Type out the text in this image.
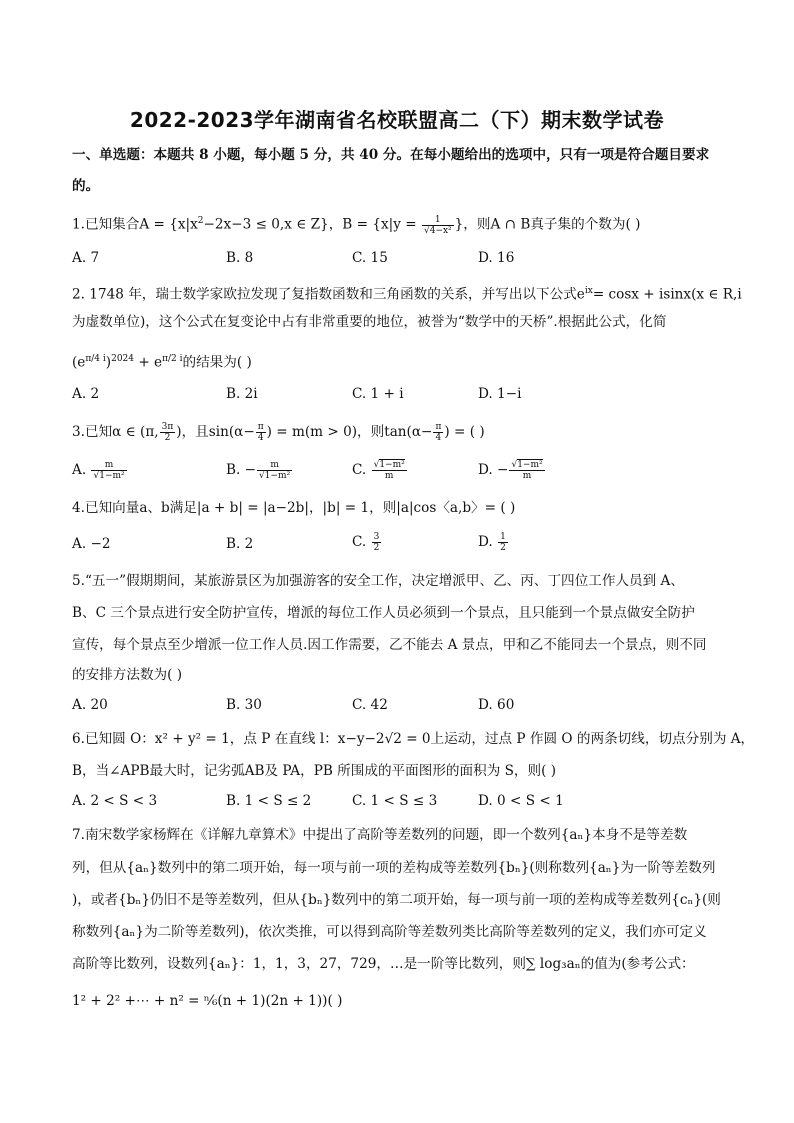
2022-2023学年湖南省名校联盟高二（下）期末数学试卷
一、单选题：本题共 8 小题，每小题 5 分，共 40 分。在每小题给出的选项中，只有一项是符合题目要求
的。
1.已知集合$A = \{x|x^2-2x-3 \le 0,x$ ∈ Z}，$B = \{x|y = \frac{1}{\text{√4−x²}}$ }，则A ∩ B真子集的个数为( )
A. 7	B. 8	C. 15	D. 16
2. 1748 年，瑞士数学家欧拉发现了复指数函数和三角函数的关系，并写出以下公式$e^{ix}= \cos x + isinx(x$ ∈ R,i
为虚数单位)，这个公式在复变论中占有非常重要的地位，被誉为“数学中的天桥”.根据此公式，化简
$(e^{\pi/4 i})^{2024} + e^{\pi/2 i}$的结果为( )
A. 2	B. 2i	C. 1 + i	D. 1−i
3.已知α ∈ (π, $\frac{3\pi}{2}$ )，且$\sin(\alpha- \frac{\pi}{4}$ ) = m(m > 0)，则$\tan(\alpha- \frac{\pi}{4}$ ) = ( )
A. $\frac{m}{\text{√1−m²}}$	B. − $\frac{m}{\text{√1−m²}}$	C. $\frac{\text{√1−m²}}{m}$	D. − $\frac{\text{√1−m²}}{m}$
4.已知向量a、b满足|a + b| = |a−2b|，|b| = 1，则|a|cos〈a,b〉= ( )
A. −2	B. 2	C. $\frac{3}{2}$	D. $\frac{1}{2}$
5.“五一”假期期间，某旅游景区为加强游客的安全工作，决定增派甲、乙、丙、丁四位工作人员到 A、
B、C 三个景点进行安全防护宣传，增派的每位工作人员必须到一个景点，且只能到一个景点做安全防护
宣传，每个景点至少增派一位工作人员.因工作需要，乙不能去 A 景点，甲和乙不能同去一个景点，则不同
的安排方法数为( )
A. 20	B. 30	C. 42	D. 60
6.已知圆 O：x² + y² = 1，点 P 在直线 l：x−y−2√2 = 0上运动，过点 P 作圆 O 的两条切线，切点分别为 A，
B，当∠APB最大时，记劣弧AB及 PA，PB 所围成的平面图形的面积为 S，则( )
A. 2 < S < 3	B. 1 < S ≤ 2	C. 1 < S ≤ 3	D. 0 < S < 1
7.南宋数学家杨辉在《详解九章算术》中提出了高阶等差数列的问题，即一个数列{aₙ}本身不是等差数
列，但从{aₙ}数列中的第二项开始，每一项与前一项的差构成等差数列{bₙ}(则称数列{aₙ}为一阶等差数列
)，或者{bₙ}仍旧不是等差数列，但从{bₙ}数列中的第二项开始，每一项与前一项的差构成等差数列{cₙ}(则
称数列{aₙ}为二阶等差数列)，依次类推，可以得到高阶等差数列类比高阶等差数列的定义，我们亦可定义
高阶等比数列，设数列{aₙ}：1，1，3，27，729，…是一阶等比数列，则∑ log₃aₙ的值为(参考公式：
1² + 2² +⋯ + n² = ⁿ⁄₆(n + 1)(2n + 1))( )
